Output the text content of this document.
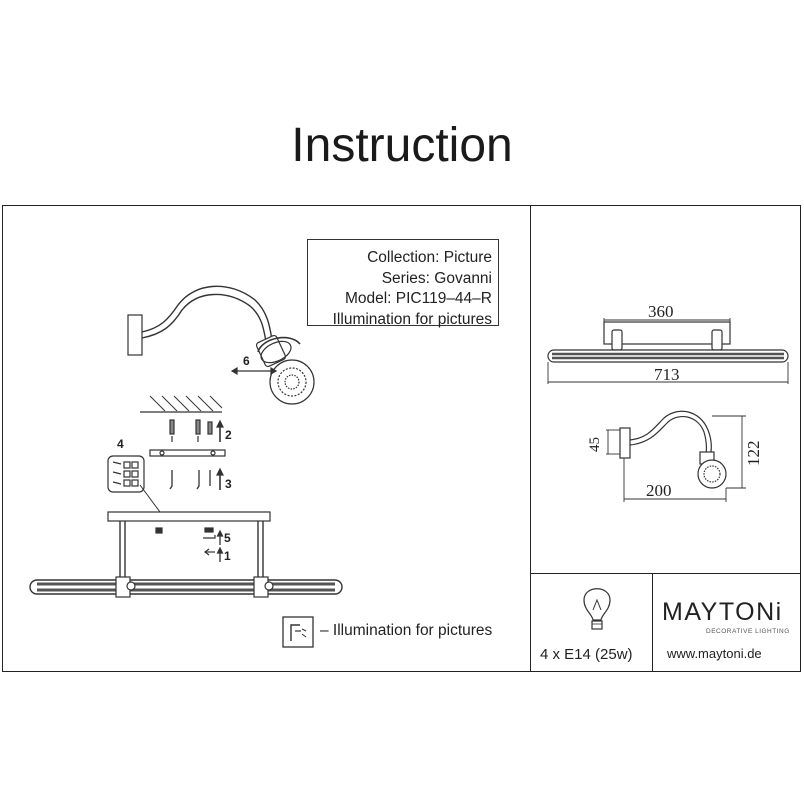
Instruction
Collection: Picture
Series: Govanni
Model: PIC119–44–R
Illumination for pictures	360
713
45	122
200
6
4
2
3
5
1
– Illumination for pictures
4 x E14 (25w)
MAYTONi
DECORATIVE LIGHTING
www.maytoni.de
